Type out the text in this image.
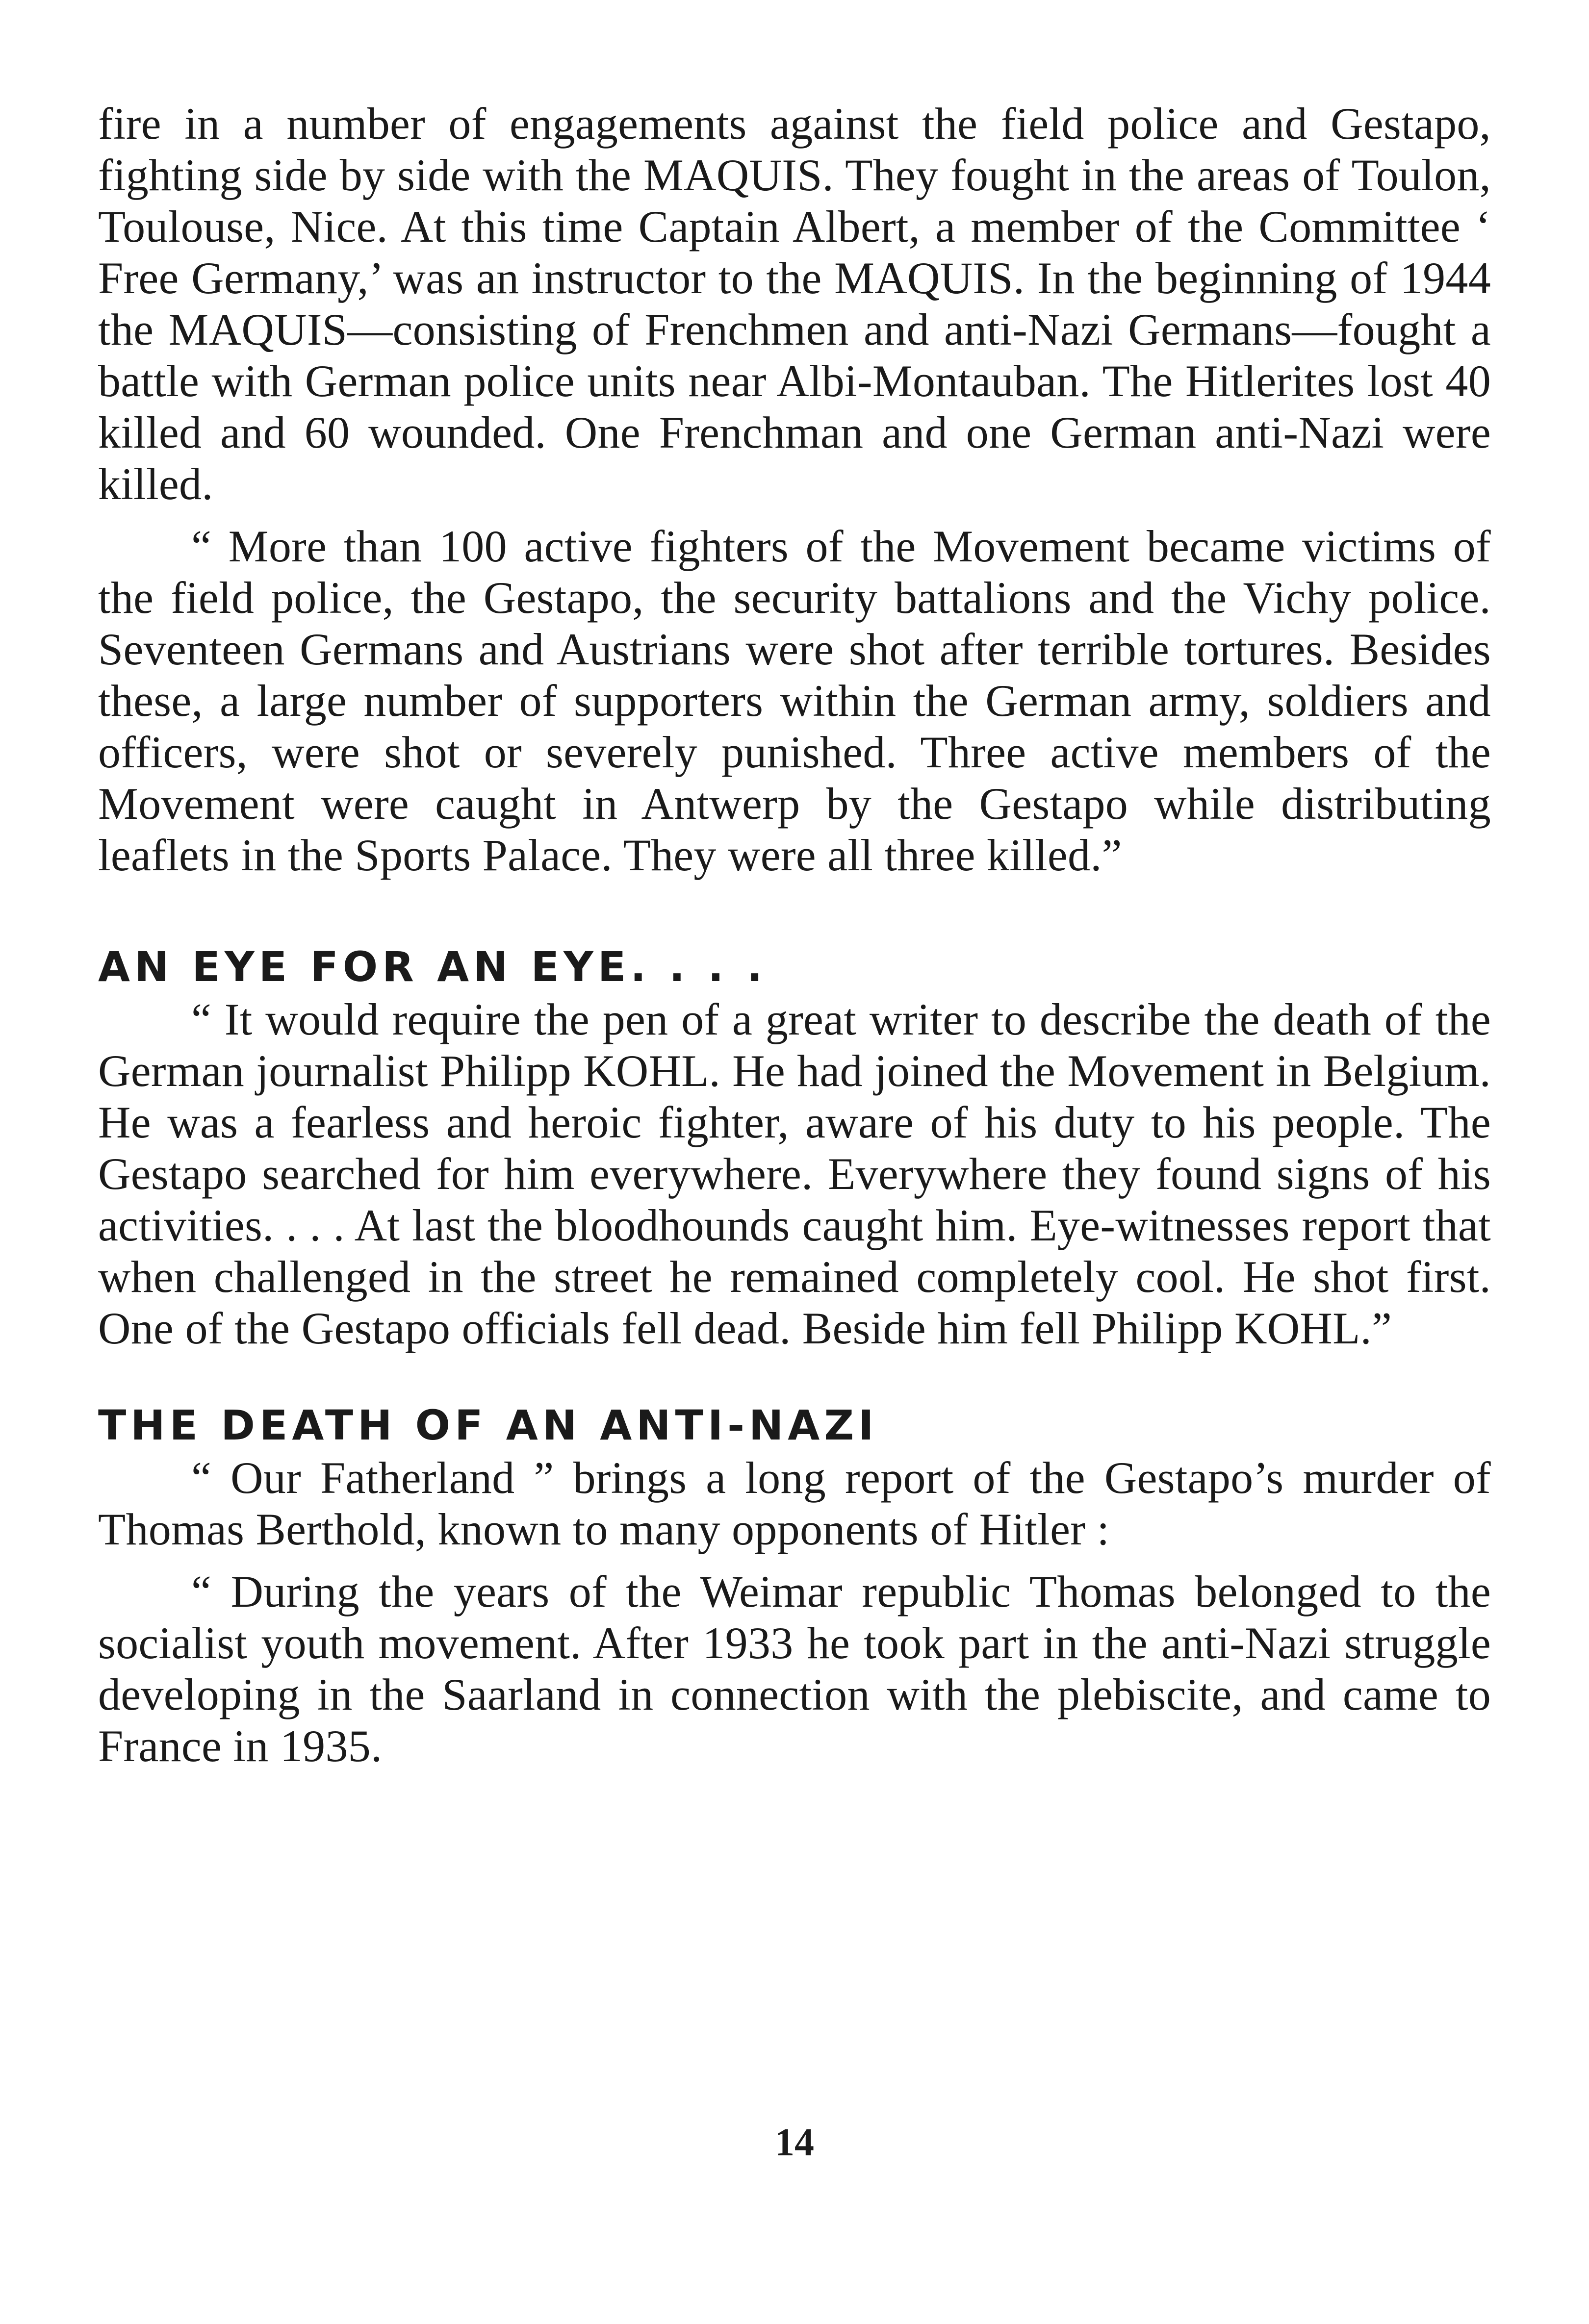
fire in a number of engagements against the field police and Gestapo, fighting side by side with the MAQUIS. They fought in the areas of Toulon, Toulouse, Nice. At this time Captain Albert, a member of the Committee ‘ Free Germany,’ was an instructor to the MAQUIS. In the beginning of 1944 the MAQUIS—consisting of Frenchmen and anti-Nazi Germans—fought a battle with German police units near Albi-Montauban. The Hitlerites lost 40 killed and 60 wounded. One Frenchman and one German anti-Nazi were killed.

“ More than 100 active fighters of the Movement became victims of the field police, the Gestapo, the security battalions and the Vichy police. Seventeen Germans and Austrians were shot after terrible tortures. Besides these, a large number of supporters within the German army, soldiers and officers, were shot or severely punished. Three active members of the Movement were caught in Antwerp by the Gestapo while distributing leaflets in the Sports Palace. They were all three killed.”

AN EYE FOR AN EYE. . . .

“ It would require the pen of a great writer to describe the death of the German journalist Philipp KOHL. He had joined the Movement in Belgium. He was a fearless and heroic fighter, aware of his duty to his people. The Gestapo searched for him everywhere. Everywhere they found signs of his activities. . . . At last the bloodhounds caught him. Eye-witnesses report that when challenged in the street he remained completely cool. He shot first. One of the Gestapo officials fell dead. Beside him fell Philipp KOHL.”

THE DEATH OF AN ANTI-NAZI

“ Our Fatherland ” brings a long report of the Gestapo’s murder of Thomas Berthold, known to many opponents of Hitler :

“ During the years of the Weimar republic Thomas belonged to the socialist youth movement. After 1933 he took part in the anti-Nazi struggle developing in the Saarland in connection with the plebiscite, and came to France in 1935.

14
